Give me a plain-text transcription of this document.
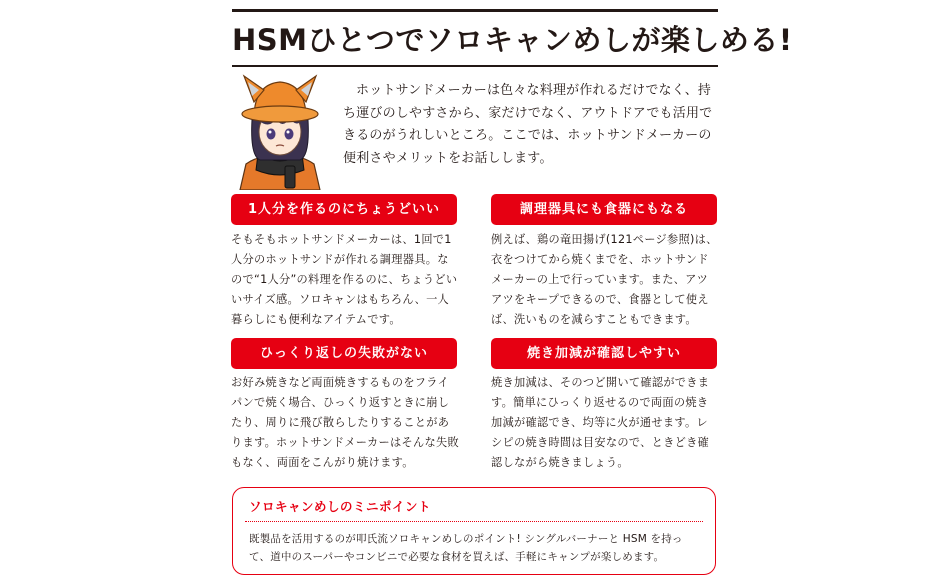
HSMひとつでソロキャンめしが楽しめる!
ホットサンドメーカーは色々な料理が作れるだけでなく、持ち運びのしやすさから、家だけでなく、アウトドアでも活用できるのがうれしいところ。ここでは、ホットサンドメーカーの便利さやメリットをお話しします。
1人分を作るのにちょうどいい
そもそもホットサンドメーカーは、1回で1人分のホットサンドが作れる調理器具。なので“1人分”の料理を作るのに、ちょうどいいサイズ感。ソロキャンはもちろん、一人暮らしにも便利なアイテムです。
調理器具にも食器にもなる
例えば、鶏の竜田揚げ(121ページ参照)は、衣をつけてから焼くまでを、ホットサンドメーカーの上で行っています。また、アツアツをキープできるので、食器として使えば、洗いものを減らすこともできます。
ひっくり返しの失敗がない
お好み焼きなど両面焼きするものをフライパンで焼く場合、ひっくり返すときに崩したり、周りに飛び散らしたりすることがあります。ホットサンドメーカーはそんな失敗もなく、両面をこんがり焼けます。
焼き加減が確認しやすい
焼き加減は、そのつど開いて確認ができます。簡単にひっくり返せるので両面の焼き加減が確認でき、均等に火が通せます。レシピの焼き時間は目安なので、ときどき確認しながら焼きましょう。
ソロキャンめしのミニポイント
既製品を活用するのが叩氏流ソロキャンめしのポイント! シングルバーナーと HSM を持って、道中のスーパーやコンビニで必要な食材を買えば、手軽にキャンプが楽しめます。
